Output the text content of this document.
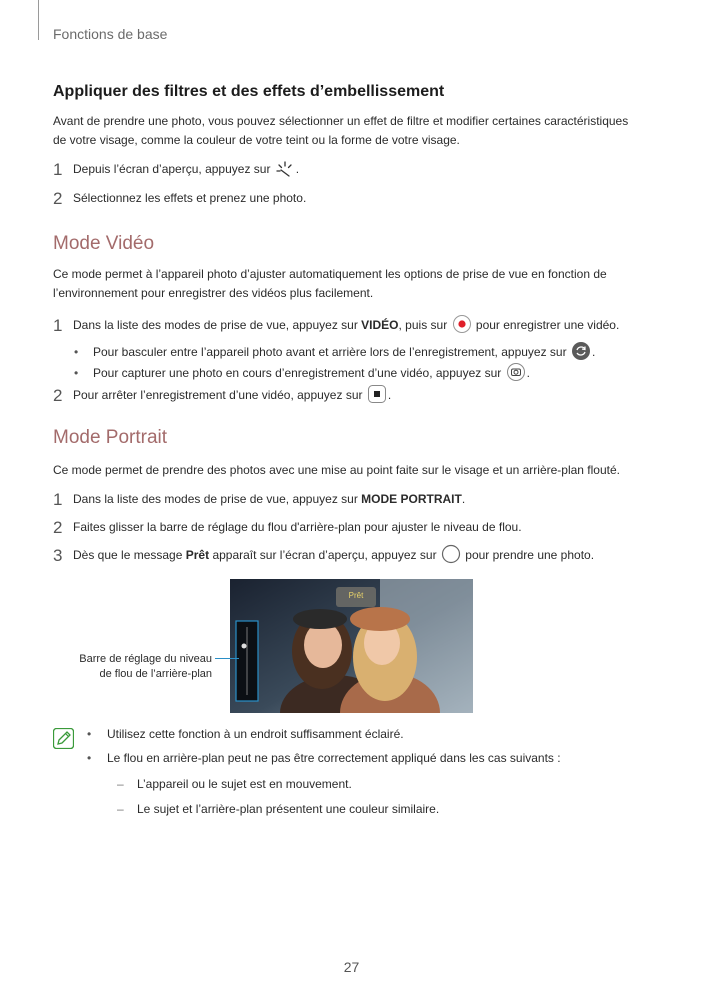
Fonctions de base
Appliquer des filtres et des effets d’embellissement
Avant de prendre une photo, vous pouvez sélectionner un effet de filtre et modifier certaines caractéristiques
de votre visage, comme la couleur de votre teint ou la forme de votre visage.
1 Depuis l’écran d’aperçu, appuyez sur .
2 Sélectionnez les effets et prenez une photo.
Mode Vidéo
Ce mode permet à l’appareil photo d’ajuster automatiquement les options de prise de vue en fonction de
l’environnement pour enregistrer des vidéos plus facilement.
1 Dans la liste des modes de prise de vue, appuyez sur VIDÉO, puis sur pour enregistrer une vidéo.
• Pour basculer entre l’appareil photo avant et arrière lors de l’enregistrement, appuyez sur .
• Pour capturer une photo en cours d’enregistrement d’une vidéo, appuyez sur .
2 Pour arrêter l’enregistrement d’une vidéo, appuyez sur .
Mode Portrait
Ce mode permet de prendre des photos avec une mise au point faite sur le visage et un arrière-plan flouté.
1 Dans la liste des modes de prise de vue, appuyez sur MODE PORTRAIT.
2 Faites glisser la barre de réglage du flou d'arrière-plan pour ajuster le niveau de flou.
3 Dès que le message Prêt apparaît sur l’écran d’aperçu, appuyez sur pour prendre une photo.
Prêt
Barre de réglage du niveau
de flou de l’arrière-plan
• Utilisez cette fonction à un endroit suffisamment éclairé.
• Le flou en arrière-plan peut ne pas être correctement appliqué dans les cas suivants :
– L’appareil ou le sujet est en mouvement.
– Le sujet et l’arrière-plan présentent une couleur similaire.
27
